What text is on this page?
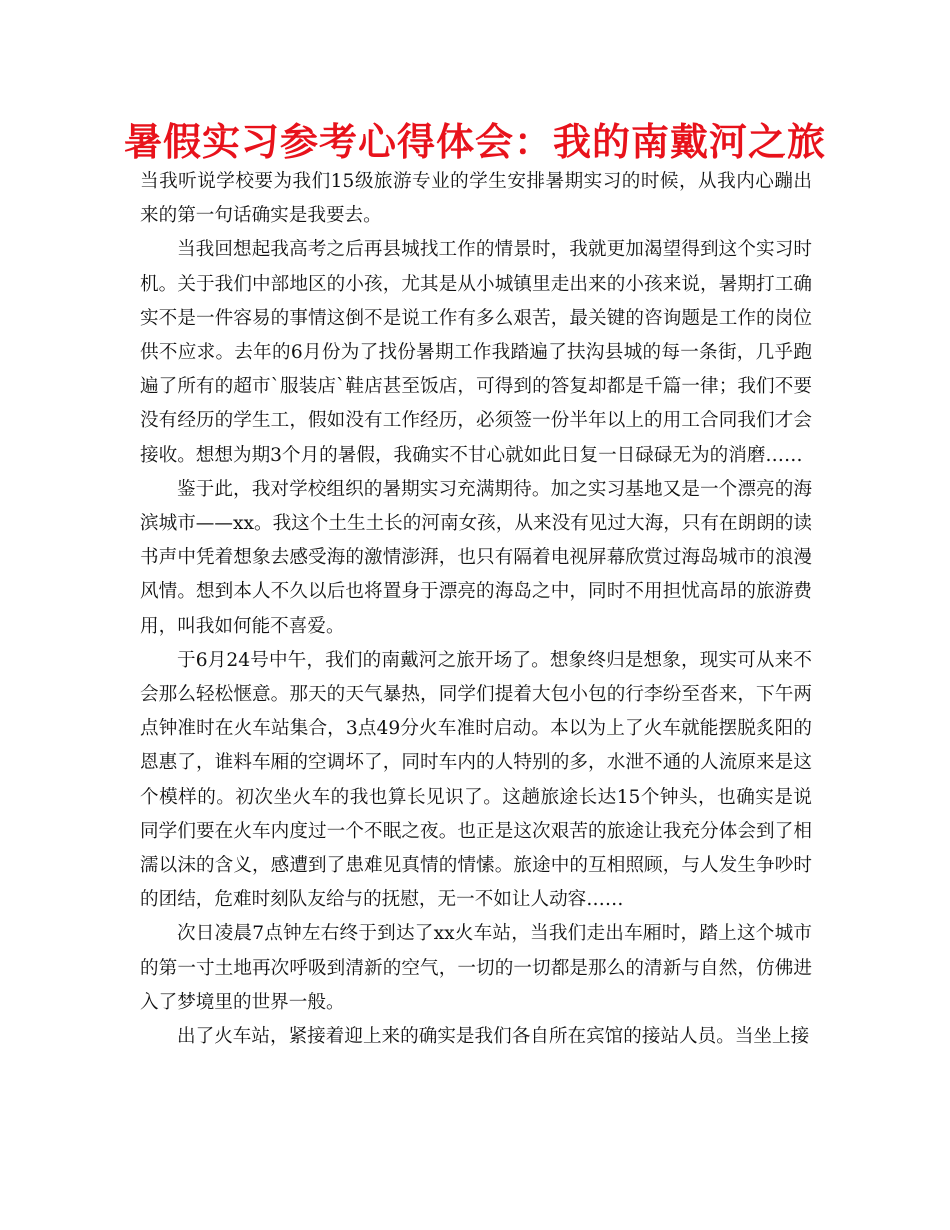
暑假实习参考心得体会：我的南戴河之旅

当我听说学校要为我们15级旅游专业的学生安排暑期实习的时候，从我内心蹦出来的第一句话确实是我要去。

当我回想起我高考之后再县城找工作的情景时，我就更加渴望得到这个实习时机。关于我们中部地区的小孩，尤其是从小城镇里走出来的小孩来说，暑期打工确实不是一件容易的事情这倒不是说工作有多么艰苦，最关键的咨询题是工作的岗位供不应求。去年的6月份为了找份暑期工作我踏遍了扶沟县城的每一条街，几乎跑遍了所有的超市`服装店`鞋店甚至饭店，可得到的答复却都是千篇一律；我们不要没有经历的学生工，假如没有工作经历，必须签一份半年以上的用工合同我们才会接收。想想为期3个月的暑假，我确实不甘心就如此日复一日碌碌无为的消磨……

鉴于此，我对学校组织的暑期实习充满期待。加之实习基地又是一个漂亮的海滨城市——xx。我这个土生土长的河南女孩，从来没有见过大海，只有在朗朗的读书声中凭着想象去感受海的激情澎湃，也只有隔着电视屏幕欣赏过海岛城市的浪漫风情。想到本人不久以后也将置身于漂亮的海岛之中，同时不用担忧高昂的旅游费用，叫我如何能不喜爱。

于6月24号中午，我们的南戴河之旅开场了。想象终归是想象，现实可从来不会那么轻松惬意。那天的天气暴热，同学们提着大包小包的行李纷至沓来，下午两点钟准时在火车站集合，3点49分火车准时启动。本以为上了火车就能摆脱炙阳的恩惠了，谁料车厢的空调坏了，同时车内的人特别的多，水泄不通的人流原来是这个模样的。初次坐火车的我也算长见识了。这趟旅途长达15个钟头，也确实是说同学们要在火车内度过一个不眠之夜。也正是这次艰苦的旅途让我充分体会到了相濡以沫的含义，感遭到了患难见真情的情愫。旅途中的互相照顾，与人发生争吵时的团结，危难时刻队友给与的抚慰，无一不如让人动容……

次日凌晨7点钟左右终于到达了xx火车站，当我们走出车厢时，踏上这个城市的第一寸土地再次呼吸到清新的空气，一切的一切都是那么的清新与自然，仿佛进入了梦境里的世界一般。

出了火车站，紧接着迎上来的确实是我们各自所在宾馆的接站人员。当坐上接
